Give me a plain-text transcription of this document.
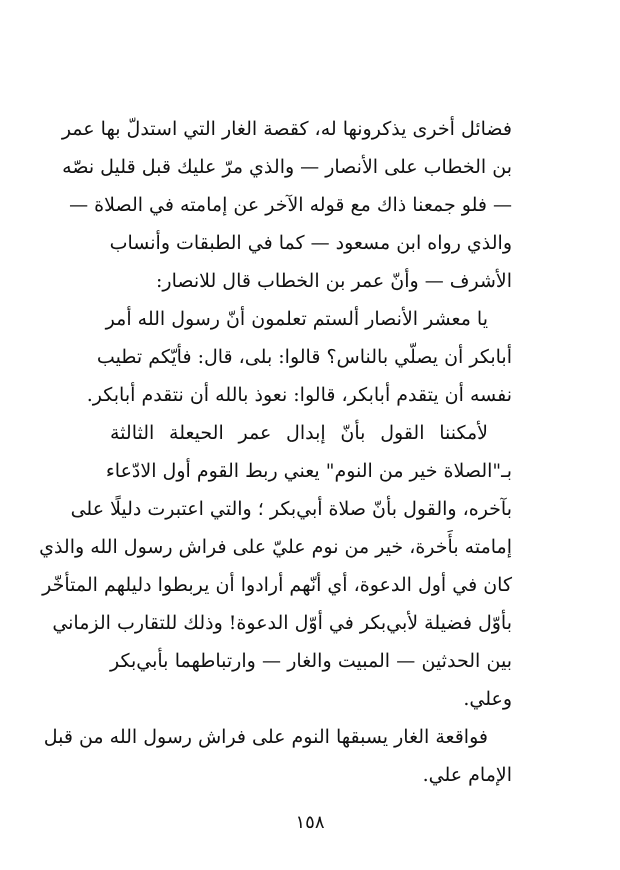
فضائل أخرى يذكرونها له، كقصة الغار التي استدلّ بها عمر
بن الخطاب على الأنصار — والذي مرّ عليك قبل قليل نصّه
— فلو جمعنا ذاك مع قوله الآخر عن إمامته في الصلاة —
والذي رواه ابن مسعود — كما في الطبقات وأنساب
الأشرف — وأنّ عمر بن الخطاب قال للانصار:
يا معشر الأنصار ألستم تعلمون أنّ رسول الله أمر
أبابكر أن يصلّي بالناس؟ قالوا: بلى، قال: فأيّكم تطيب
نفسه أن يتقدم أبابكر، قالوا: نعوذ بالله أن نتقدم أبابكر.
لأمكننا القول بأنّ إبدال عمر الحيعلة الثالثة
بـ"الصلاة خير من النوم" يعني ربط القوم أول الادّعاء
بآخره، والقول بأنّ صلاة أبي‌بكر ؛ والتي اعتبرت دليلًا على
إمامته بأَخرة، خير من نوم عليّ على فراش رسول الله والذي
كان في أول الدعوة، أي أنّهم أرادوا أن يربطوا دليلهم المتأخّر
بأوّل فضيلة لأبي‌بكر في أوّل الدعوة! وذلك للتقارب الزماني
بين الحدثين — المبيت والغار — وارتباطهما بأبي‌بكر
وعلي.
فواقعة الغار يسبقها النوم على فراش رسول الله من قبل
الإمام علي.
١٥٨
